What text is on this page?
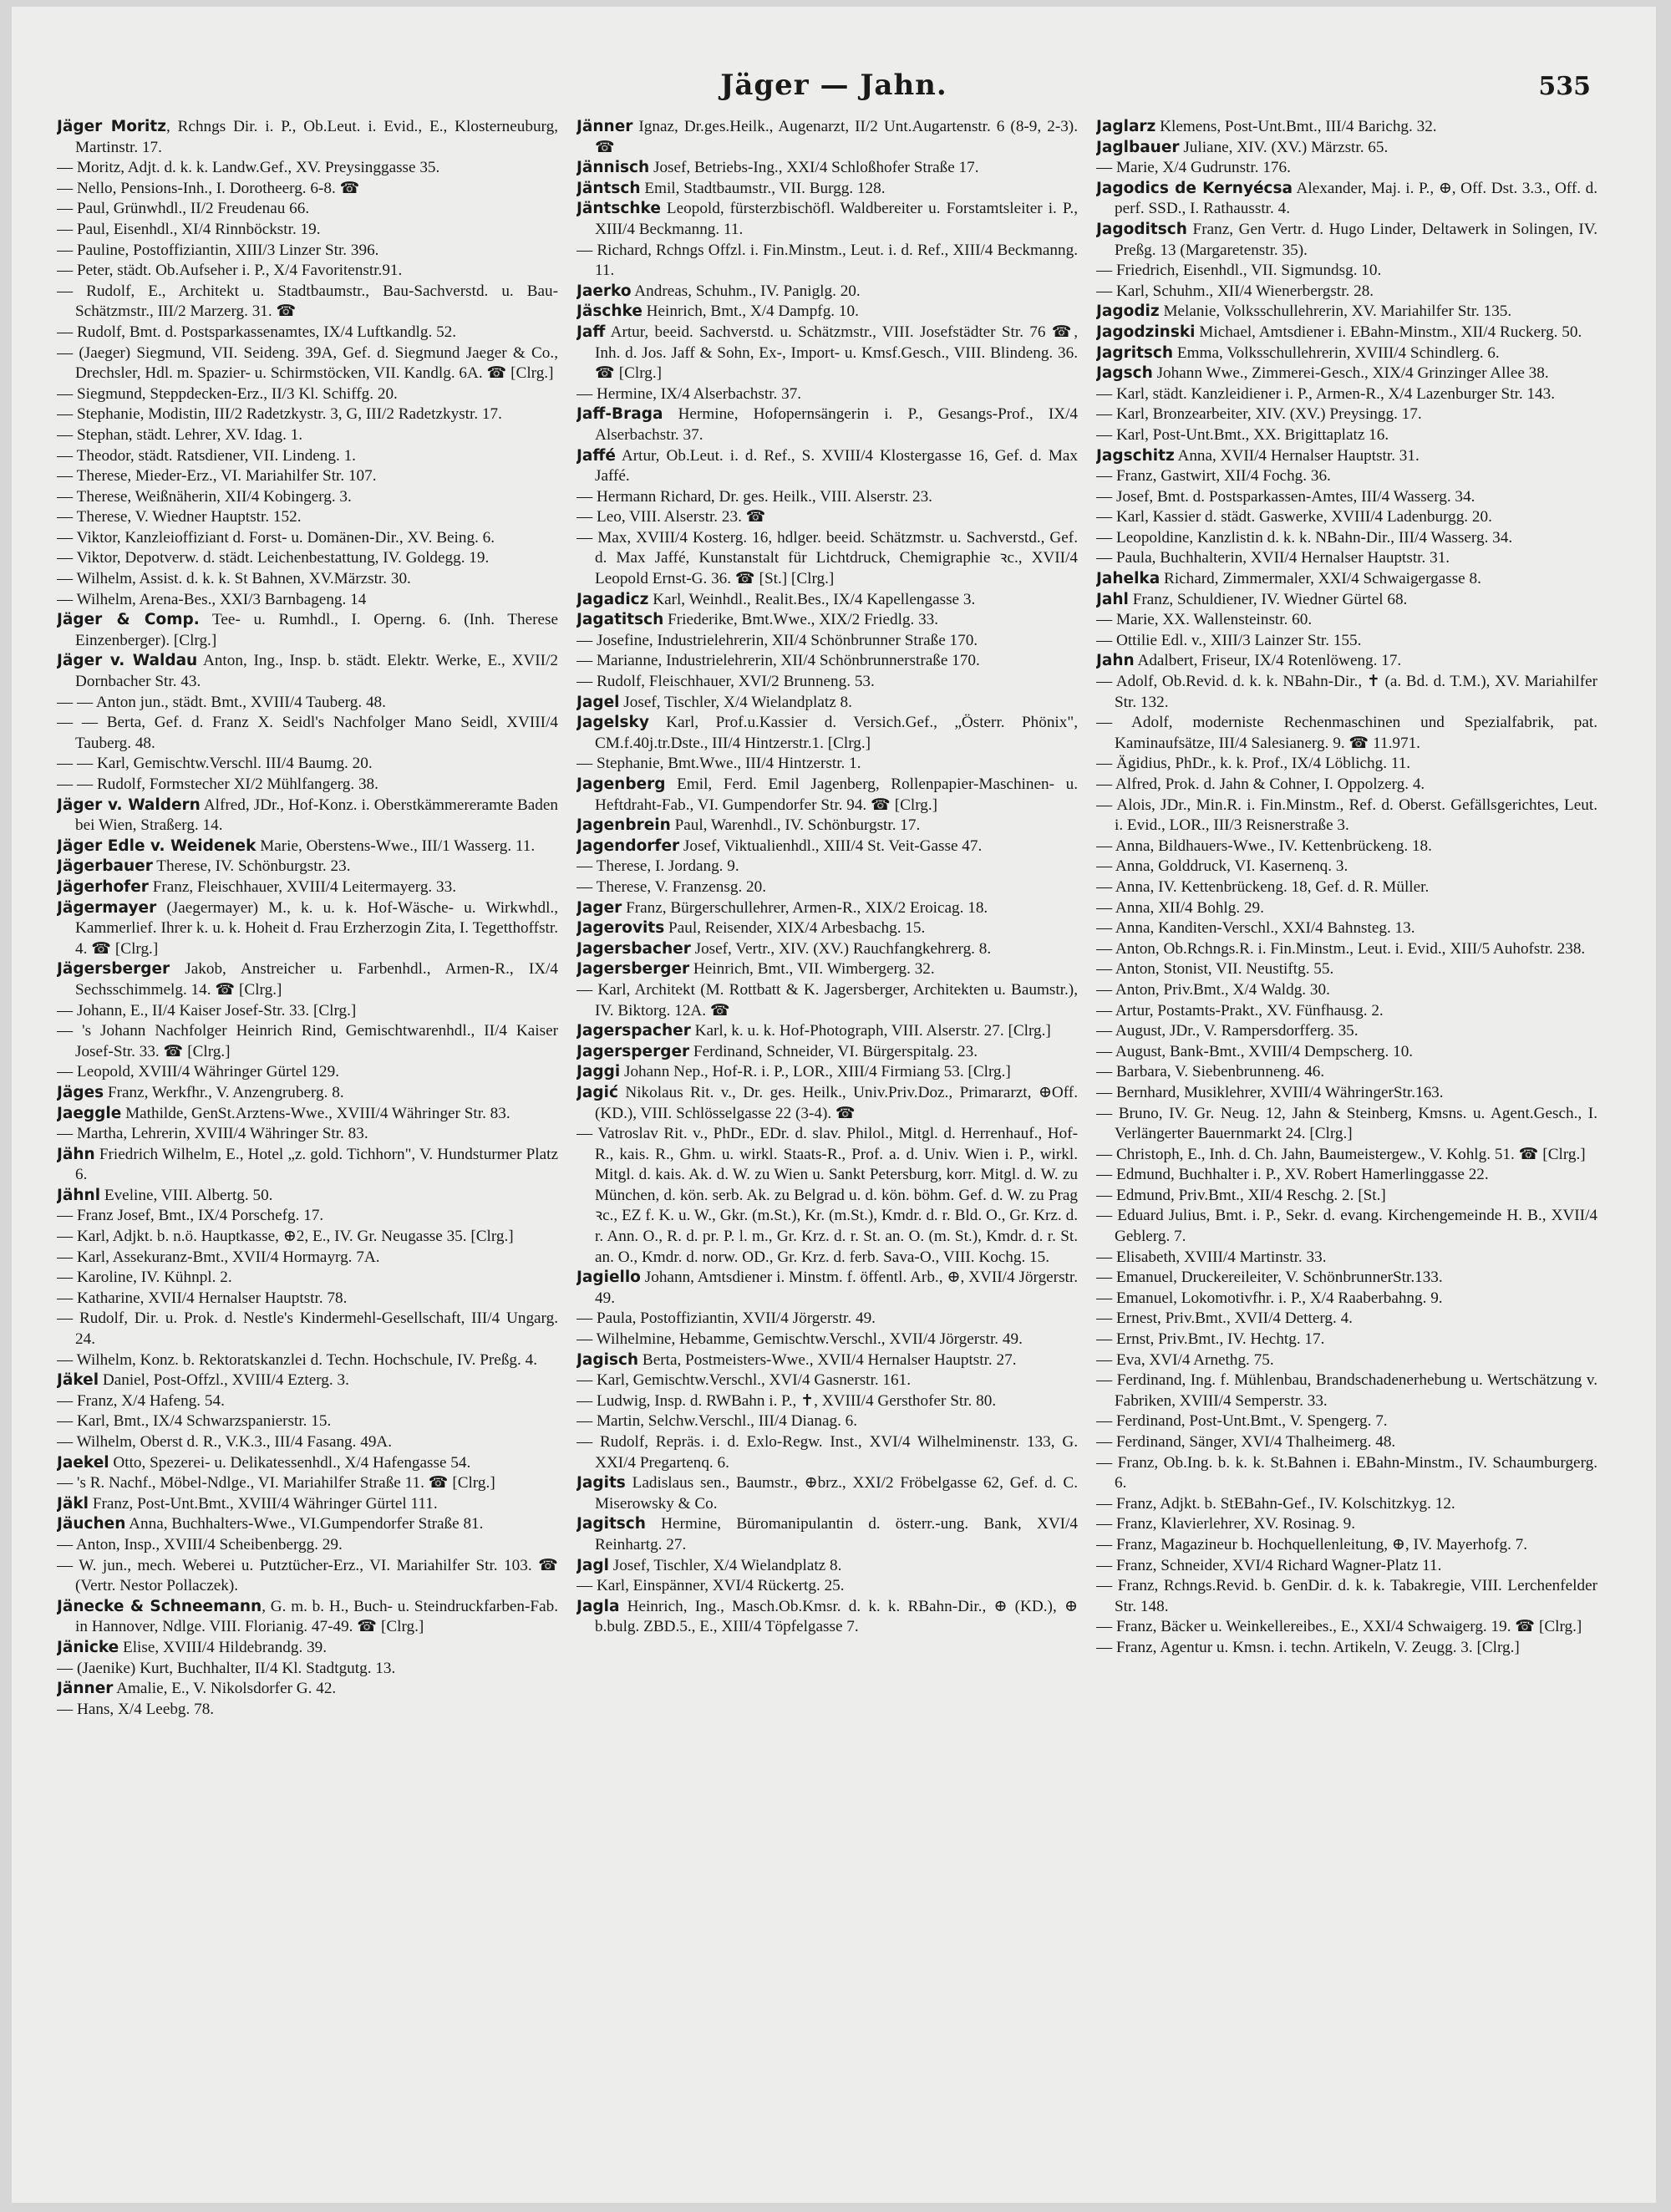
Jäger — Jahn.	535

Jäger Moritz, Rchngs Dir. i. P., Ob.Leut. i. Evid., E., Klosterneuburg, Martinstr. 17.

— Moritz, Adjt. d. k. k. Landw.Gef., XV. Preysinggasse 35.

— Nello, Pensions-Inh., I. Dorotheerg. 6-8. ☎

— Paul, Grünwhdl., II/2 Freudenau 66.

— Paul, Eisenhdl., XI/4 Rinnböckstr. 19.

— Pauline, Postoffiziantin, XIII/3 Linzer Str. 396.

— Peter, städt. Ob.Aufseher i. P., X/4 Favoritenstr.91.

— Rudolf, E., Architekt u. Stadtbaumstr., Bau-Sachverstd. u. Bau-Schätzmstr., III/2 Marzerg. 31. ☎

— Rudolf, Bmt. d. Postsparkassenamtes, IX/4 Luftkandlg. 52.

— (Jaeger) Siegmund, VII. Seideng. 39A, Gef. d. Siegmund Jaeger & Co., Drechsler, Hdl. m. Spazier- u. Schirmstöcken, VII. Kandlg. 6A. ☎ [Clrg.]

— Siegmund, Steppdecken-Erz., II/3 Kl. Schiffg. 20.

— Stephanie, Modistin, III/2 Radetzkystr. 3, G, III/2 Radetzkystr. 17.

— Stephan, städt. Lehrer, XV. Idag. 1.

— Theodor, städt. Ratsdiener, VII. Lindeng. 1.

— Therese, Mieder-Erz., VI. Mariahilfer Str. 107.

— Therese, Weißnäherin, XII/4 Kobingerg. 3.

— Therese, V. Wiedner Hauptstr. 152.

— Viktor, Kanzleioffiziant d. Forst- u. Domänen-Dir., XV. Being. 6.

— Viktor, Depotverw. d. städt. Leichenbestattung, IV. Goldegg. 19.

— Wilhelm, Assist. d. k. k. St Bahnen, XV.Märzstr. 30.

— Wilhelm, Arena-Bes., XXI/3 Barnbageng. 14

Jäger & Comp. Tee- u. Rumhdl., I. Operng. 6. (Inh. Therese Einzenberger). [Clrg.]

Jäger v. Waldau Anton, Ing., Insp. b. städt. Elektr. Werke, E., XVII/2 Dornbacher Str. 43.

— — Anton jun., städt. Bmt., XVIII/4 Tauberg. 48.

— — Berta, Gef. d. Franz X. Seidl's Nachfolger Mano Seidl, XVIII/4 Tauberg. 48.

— — Karl, Gemischtw.Verschl. III/4 Baumg. 20.

— — Rudolf, Formstecher XI/2 Mühlfangerg. 38.

Jäger v. Waldern Alfred, JDr., Hof-Konz. i. Oberstkämmereramte Baden bei Wien, Straßerg. 14.

Jäger Edle v. Weidenek Marie, Oberstens-Wwe., III/1 Wasserg. 11.

Jägerbauer Therese, IV. Schönburgstr. 23.

Jägerhofer Franz, Fleischhauer, XVIII/4 Leitermayerg. 33.

Jägermayer (Jaegermayer) M., k. u. k. Hof-Wäsche- u. Wirkwhdl., Kammerlief. Ihrer k. u. k. Hoheit d. Frau Erzherzogin Zita, I. Tegetthoffstr. 4. ☎ [Clrg.]

Jägersberger Jakob, Anstreicher u. Farbenhdl., Armen-R., IX/4 Sechsschimmelg. 14. ☎ [Clrg.]

— Johann, E., II/4 Kaiser Josef-Str. 33. [Clrg.]

— 's Johann Nachfolger Heinrich Rind, Gemischtwarenhdl., II/4 Kaiser Josef-Str. 33. ☎ [Clrg.]

— Leopold, XVIII/4 Währinger Gürtel 129.

Jäges Franz, Werkfhr., V. Anzengruberg. 8.

Jaeggle Mathilde, GenSt.Arztens-Wwe., XVIII/4 Währinger Str. 83.

— Martha, Lehrerin, XVIII/4 Währinger Str. 83.

Jähn Friedrich Wilhelm, E., Hotel „z. gold. Tichhorn", V. Hundsturmer Platz 6.

Jähnl Eveline, VIII. Albertg. 50.

— Franz Josef, Bmt., IX/4 Porschefg. 17.

— Karl, Adjkt. b. n.ö. Hauptkasse, ⊕2, E., IV. Gr. Neugasse 35. [Clrg.]

— Karl, Assekuranz-Bmt., XVII/4 Hormayrg. 7A.

— Karoline, IV. Kühnpl. 2.

— Katharine, XVII/4 Hernalser Hauptstr. 78.

— Rudolf, Dir. u. Prok. d. Nestle's Kindermehl-Gesellschaft, III/4 Ungarg. 24.

— Wilhelm, Konz. b. Rektoratskanzlei d. Techn. Hochschule, IV. Preßg. 4.

Jäkel Daniel, Post-Offzl., XVIII/4 Ezterg. 3.

— Franz, X/4 Hafeng. 54.

— Karl, Bmt., IX/4 Schwarzspanierstr. 15.

— Wilhelm, Oberst d. R., V.K.3., III/4 Fasang. 49A.

Jaekel Otto, Spezerei- u. Delikatessenhdl., X/4 Hafengasse 54.

— 's R. Nachf., Möbel-Ndlge., VI. Mariahilfer Straße 11. ☎ [Clrg.]

Jäkl Franz, Post-Unt.Bmt., XVIII/4 Währinger Gürtel 111.

Jäuchen Anna, Buchhalters-Wwe., VI.Gumpendorfer Straße 81.

— Anton, Insp., XVIII/4 Scheibenbergg. 29.

— W. jun., mech. Weberei u. Putztücher-Erz., VI. Mariahilfer Str. 103. ☎ (Vertr. Nestor Pollaczek).

Jänecke & Schneemann, G. m. b. H., Buch- u. Steindruckfarben-Fab. in Hannover, Ndlge. VIII. Florianig. 47-49. ☎ [Clrg.]

Jänicke Elise, XVIII/4 Hildebrandg. 39.

— (Jaenike) Kurt, Buchhalter, II/4 Kl. Stadtgutg. 13.

Jänner Amalie, E., V. Nikolsdorfer G. 42.

— Hans, X/4 Leebg. 78.

Jänner Ignaz, Dr.ges.Heilk., Augenarzt, II/2 Unt.Augartenstr. 6 (8-9, 2-3). ☎

Jännisch Josef, Betriebs-Ing., XXI/4 Schloßhofer Straße 17.

Jäntsch Emil, Stadtbaumstr., VII. Burgg. 128.

Jäntschke Leopold, fürsterzbischöfl. Waldbereiter u. Forstamtsleiter i. P., XIII/4 Beckmanng. 11.

— Richard, Rchngs Offzl. i. Fin.Minstm., Leut. i. d. Ref., XIII/4 Beckmanng. 11.

Jaerko Andreas, Schuhm., IV. Paniglg. 20.

Jäschke Heinrich, Bmt., X/4 Dampfg. 10.

Jaff Artur, beeid. Sachverstd. u. Schätzmstr., VIII. Josefstädter Str. 76 ☎, Inh. d. Jos. Jaff & Sohn, Ex-, Import- u. Kmsf.Gesch., VIII. Blindeng. 36. ☎ [Clrg.]

— Hermine, IX/4 Alserbachstr. 37.

Jaff-Braga Hermine, Hofopernsängerin i. P., Gesangs-Prof., IX/4 Alserbachstr. 37.

Jaffé Artur, Ob.Leut. i. d. Ref., S. XVIII/4 Klostergasse 16, Gef. d. Max Jaffé.

— Hermann Richard, Dr. ges. Heilk., VIII. Alserstr. 23.

— Leo, VIII. Alserstr. 23. ☎

— Max, XVIII/4 Kosterg. 16, hdlger. beeid. Schätzmstr. u. Sachverstd., Gef. d. Max Jaffé, Kunstanstalt für Lichtdruck, Chemigraphie ꝛc., XVII/4 Leopold Ernst-G. 36. ☎ [St.] [Clrg.]

Jagadicz Karl, Weinhdl., Realit.Bes., IX/4 Kapellengasse 3.

Jagatitsch Friederike, Bmt.Wwe., XIX/2 Friedlg. 33.

— Josefine, Industrielehrerin, XII/4 Schönbrunner Straße 170.

— Marianne, Industrielehrerin, XII/4 Schönbrunnerstraße 170.

— Rudolf, Fleischhauer, XVI/2 Brunneng. 53.

Jagel Josef, Tischler, X/4 Wielandplatz 8.

Jagelsky Karl, Prof.u.Kassier d. Versich.Gef., „Österr. Phönix", CM.f.40j.tr.Dste., III/4 Hintzerstr.1. [Clrg.]

— Stephanie, Bmt.Wwe., III/4 Hintzerstr. 1.

Jagenberg Emil, Ferd. Emil Jagenberg, Rollenpapier-Maschinen- u. Heftdraht-Fab., VI. Gumpendorfer Str. 94. ☎ [Clrg.]

Jagenbrein Paul, Warenhdl., IV. Schönburgstr. 17.

Jagendorfer Josef, Viktualienhdl., XIII/4 St. Veit-Gasse 47.

— Therese, I. Jordang. 9.

— Therese, V. Franzensg. 20.

Jager Franz, Bürgerschullehrer, Armen-R., XIX/2 Eroicag. 18.

Jagerovits Paul, Reisender, XIX/4 Arbesbachg. 15.

Jagersbacher Josef, Vertr., XIV. (XV.) Rauchfangkehrerg. 8.

Jagersberger Heinrich, Bmt., VII. Wimbergerg. 32.

— Karl, Architekt (M. Rottbatt & K. Jagersberger, Architekten u. Baumstr.), IV. Biktorg. 12A. ☎

Jagerspacher Karl, k. u. k. Hof-Photograph, VIII. Alserstr. 27. [Clrg.]

Jagersperger Ferdinand, Schneider, VI. Bürgerspitalg. 23.

Jaggi Johann Nep., Hof-R. i. P., LOR., XIII/4 Firmiang 53. [Clrg.]

Jagić Nikolaus Rit. v., Dr. ges. Heilk., Univ.Priv.Doz., Primararzt, ⊕Off. (KD.), VIII. Schlösselgasse 22 (3-4). ☎

— Vatroslav Rit. v., PhDr., EDr. d. slav. Philol., Mitgl. d. Herrenhauf., Hof-R., kais. R., Ghm. u. wirkl. Staats-R., Prof. a. d. Univ. Wien i. P., wirkl. Mitgl. d. kais. Ak. d. W. zu Wien u. Sankt Petersburg, korr. Mitgl. d. W. zu München, d. kön. serb. Ak. zu Belgrad u. d. kön. böhm. Gef. d. W. zu Prag ꝛc., EZ f. K. u. W., Gkr. (m.St.), Kr. (m.St.), Kmdr. d. r. Bld. O., Gr. Krz. d. r. Ann. O., R. d. pr. P. l. m., Gr. Krz. d. r. St. an. O. (m. St.), Kmdr. d. r. St. an. O., Kmdr. d. norw. OD., Gr. Krz. d. ferb. Sava-O., VIII. Kochg. 15.

Jagiello Johann, Amtsdiener i. Minstm. f. öffentl. Arb., ⊕, XVII/4 Jörgerstr. 49.

— Paula, Postoffiziantin, XVII/4 Jörgerstr. 49.

— Wilhelmine, Hebamme, Gemischtw.Verschl., XVII/4 Jörgerstr. 49.

Jagisch Berta, Postmeisters-Wwe., XVII/4 Hernalser Hauptstr. 27.

— Karl, Gemischtw.Verschl., XVI/4 Gasnerstr. 161.

— Ludwig, Insp. d. RWBahn i. P., ✝, XVIII/4 Gersthofer Str. 80.

— Martin, Selchw.Verschl., III/4 Dianag. 6.

— Rudolf, Repräs. i. d. Exlo-Regw. Inst., XVI/4 Wilhelminenstr. 133, G. XXI/4 Pregartenq. 6.

Jagits Ladislaus sen., Baumstr., ⊕brz., XXI/2 Fröbelgasse 62, Gef. d. C. Miserowsky & Co.

Jagitsch Hermine, Büromanipulantin d. österr.-ung. Bank, XVI/4 Reinhartg. 27.

Jagl Josef, Tischler, X/4 Wielandplatz 8.

— Karl, Einspänner, XVI/4 Rückertg. 25.

Jagla Heinrich, Ing., Masch.Ob.Kmsr. d. k. k. RBahn-Dir., ⊕ (KD.), ⊕ b.bulg. ZBD.5., E., XIII/4 Töpfelgasse 7.

Jaglarz Klemens, Post-Unt.Bmt., III/4 Barichg. 32.

Jaglbauer Juliane, XIV. (XV.) Märzstr. 65.

— Marie, X/4 Gudrunstr. 176.

Jagodics de Kernyécsa Alexander, Maj. i. P., ⊕, Off. Dst. 3.3., Off. d. perf. SSD., I. Rathausstr. 4.

Jagoditsch Franz, Gen Vertr. d. Hugo Linder, Deltawerk in Solingen, IV. Preßg. 13 (Margaretenstr. 35).

— Friedrich, Eisenhdl., VII. Sigmundsg. 10.

— Karl, Schuhm., XII/4 Wienerbergstr. 28.

Jagodiz Melanie, Volksschullehrerin, XV. Mariahilfer Str. 135.

Jagodzinski Michael, Amtsdiener i. EBahn-Minstm., XII/4 Ruckerg. 50.

Jagritsch Emma, Volksschullehrerin, XVIII/4 Schindlerg. 6.

Jagsch Johann Wwe., Zimmerei-Gesch., XIX/4 Grinzinger Allee 38.

— Karl, städt. Kanzleidiener i. P., Armen-R., X/4 Lazenburger Str. 143.

— Karl, Bronzearbeiter, XIV. (XV.) Preysingg. 17.

— Karl, Post-Unt.Bmt., XX. Brigittaplatz 16.

Jagschitz Anna, XVII/4 Hernalser Hauptstr. 31.

— Franz, Gastwirt, XII/4 Fochg. 36.

— Josef, Bmt. d. Postsparkassen-Amtes, III/4 Wasserg. 34.

— Karl, Kassier d. städt. Gaswerke, XVIII/4 Ladenburgg. 20.

— Leopoldine, Kanzlistin d. k. k. NBahn-Dir., III/4 Wasserg. 34.

— Paula, Buchhalterin, XVII/4 Hernalser Hauptstr. 31.

Jahelka Richard, Zimmermaler, XXI/4 Schwaigergasse 8.

Jahl Franz, Schuldiener, IV. Wiedner Gürtel 68.

— Marie, XX. Wallensteinstr. 60.

— Ottilie Edl. v., XIII/3 Lainzer Str. 155.

Jahn Adalbert, Friseur, IX/4 Rotenlöweng. 17.

— Adolf, Ob.Revid. d. k. k. NBahn-Dir., ✝ (a. Bd. d. T.M.), XV. Mariahilfer Str. 132.

— Adolf, moderniste Rechenmaschinen und Spezialfabrik, pat. Kaminaufsätze, III/4 Salesianerg. 9. ☎ 11.971.

— Ägidius, PhDr., k. k. Prof., IX/4 Löblichg. 11.

— Alfred, Prok. d. Jahn & Cohner, I. Oppolzerg. 4.

— Alois, JDr., Min.R. i. Fin.Minstm., Ref. d. Oberst. Gefällsgerichtes, Leut. i. Evid., LOR., III/3 Reisnerstraße 3.

— Anna, Bildhauers-Wwe., IV. Kettenbrückeng. 18.

— Anna, Golddruck, VI. Kasernenq. 3.

— Anna, IV. Kettenbrückeng. 18, Gef. d. R. Müller.

— Anna, XII/4 Bohlg. 29.

— Anna, Kanditen-Verschl., XXI/4 Bahnsteg. 13.

— Anton, Ob.Rchngs.R. i. Fin.Minstm., Leut. i. Evid., XIII/5 Auhofstr. 238.

— Anton, Stonist, VII. Neustiftg. 55.

— Anton, Priv.Bmt., X/4 Waldg. 30.

— Artur, Postamts-Prakt., XV. Fünfhausg. 2.

— August, JDr., V. Rampersdorfferg. 35.

— August, Bank-Bmt., XVIII/4 Dempscherg. 10.

— Barbara, V. Siebenbrunneng. 46.

— Bernhard, Musiklehrer, XVIII/4 WähringerStr.163.

— Bruno, IV. Gr. Neug. 12, Jahn & Steinberg, Kmsns. u. Agent.Gesch., I. Verlängerter Bauernmarkt 24. [Clrg.]

— Christoph, E., Inh. d. Ch. Jahn, Baumeistergew., V. Kohlg. 51. ☎ [Clrg.]

— Edmund, Buchhalter i. P., XV. Robert Hamerlinggasse 22.

— Edmund, Priv.Bmt., XII/4 Reschg. 2. [St.]

— Eduard Julius, Bmt. i. P., Sekr. d. evang. Kirchengemeinde H. B., XVII/4 Geblerg. 7.

— Elisabeth, XVIII/4 Martinstr. 33.

— Emanuel, Druckereileiter, V. SchönbrunnerStr.133.

— Emanuel, Lokomotivfhr. i. P., X/4 Raaberbahng. 9.

— Ernest, Priv.Bmt., XVII/4 Detterg. 4.

— Ernst, Priv.Bmt., IV. Hechtg. 17.

— Eva, XVI/4 Arnethg. 75.

— Ferdinand, Ing. f. Mühlenbau, Brandschadenerhebung u. Wertschätzung v. Fabriken, XVIII/4 Semperstr. 33.

— Ferdinand, Post-Unt.Bmt., V. Spengerg. 7.

— Ferdinand, Sänger, XVI/4 Thalheimerg. 48.

— Franz, Ob.Ing. b. k. k. St.Bahnen i. EBahn-Minstm., IV. Schaumburgerg. 6.

— Franz, Adjkt. b. StEBahn-Gef., IV. Kolschitzkyg. 12.

— Franz, Klavierlehrer, XV. Rosinag. 9.

— Franz, Magazineur b. Hochquellenleitung, ⊕, IV. Mayerhofg. 7.

— Franz, Schneider, XVI/4 Richard Wagner-Platz 11.

— Franz, Rchngs.Revid. b. GenDir. d. k. k. Tabakregie, VIII. Lerchenfelder Str. 148.

— Franz, Bäcker u. Weinkellereibes., E., XXI/4 Schwaigerg. 19. ☎ [Clrg.]

— Franz, Agentur u. Kmsn. i. techn. Artikeln, V. Zeugg. 3. [Clrg.]
